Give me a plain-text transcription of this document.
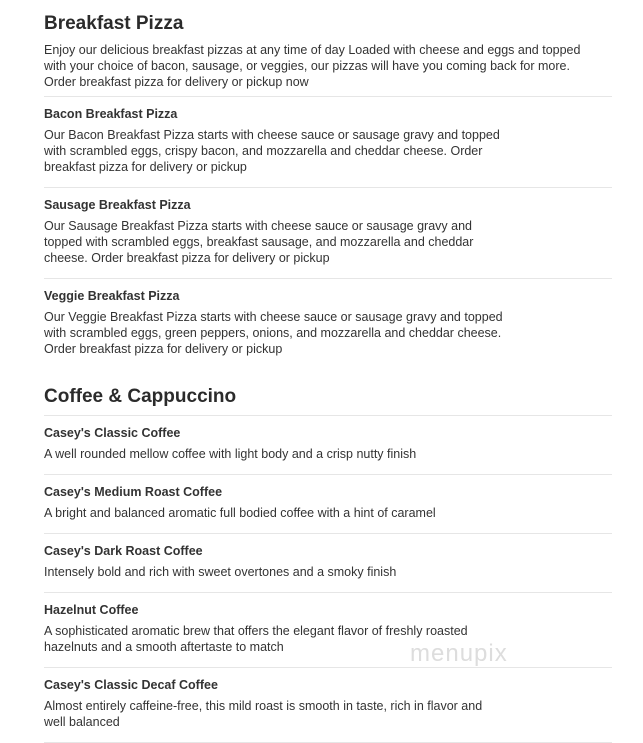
Breakfast Pizza
Enjoy our delicious breakfast pizzas at any time of day Loaded with cheese and eggs and topped
with your choice of bacon, sausage, or veggies, our pizzas will have you coming back for more.
Order breakfast pizza for delivery or pickup now
Bacon Breakfast Pizza
Our Bacon Breakfast Pizza starts with cheese sauce or sausage gravy and topped
with scrambled eggs, crispy bacon, and mozzarella and cheddar cheese. Order
breakfast pizza for delivery or pickup
Sausage Breakfast Pizza
Our Sausage Breakfast Pizza starts with cheese sauce or sausage gravy and
topped with scrambled eggs, breakfast sausage, and mozzarella and cheddar
cheese. Order breakfast pizza for delivery or pickup
Veggie Breakfast Pizza
Our Veggie Breakfast Pizza starts with cheese sauce or sausage gravy and topped
with scrambled eggs, green peppers, onions, and mozzarella and cheddar cheese.
Order breakfast pizza for delivery or pickup
Coffee & Cappuccino
Casey's Classic Coffee
A well rounded mellow coffee with light body and a crisp nutty finish
Casey's Medium Roast Coffee
A bright and balanced aromatic full bodied coffee with a hint of caramel
Casey's Dark Roast Coffee
Intensely bold and rich with sweet overtones and a smoky finish
Hazelnut Coffee
A sophisticated aromatic brew that offers the elegant flavor of freshly roasted
hazelnuts and a smooth aftertaste to match
Casey's Classic Decaf Coffee
Almost entirely caffeine-free, this mild roast is smooth in taste, rich in flavor and
well balanced
menupix
